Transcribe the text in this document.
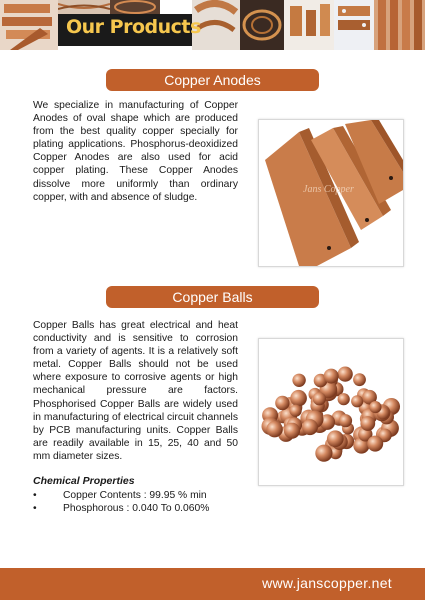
Our Products
Copper Anodes

We specialize in manufacturing of Copper Anodes of oval shape which are produced from the best quality copper specially for plating applications. Phosphorus-deoxidized Copper Anodes are also used for acid copper plating. These Copper Anodes dissolve more uniformly than ordinary copper, with and absence of sludge.

Jans Copper
Copper Balls

Copper Balls has great electrical and heat conductivity and is sensitive to corrosion from a variety of agents. It is a relatively soft metal. Copper Balls should not be used where exposure to corrosive agents or high mechanical pressure are factors. Phosphorised Copper Balls are widely used in manufacturing of electrical circuit channels by PCB manufacturing units. Copper Balls are readily available in 15, 25, 40 and 50 mm diameter sizes.

Chemical Properties
•	Copper Contents : 99.95 % min
•	Phosphorous : 0.040 To 0.060%
www.janscopper.net
